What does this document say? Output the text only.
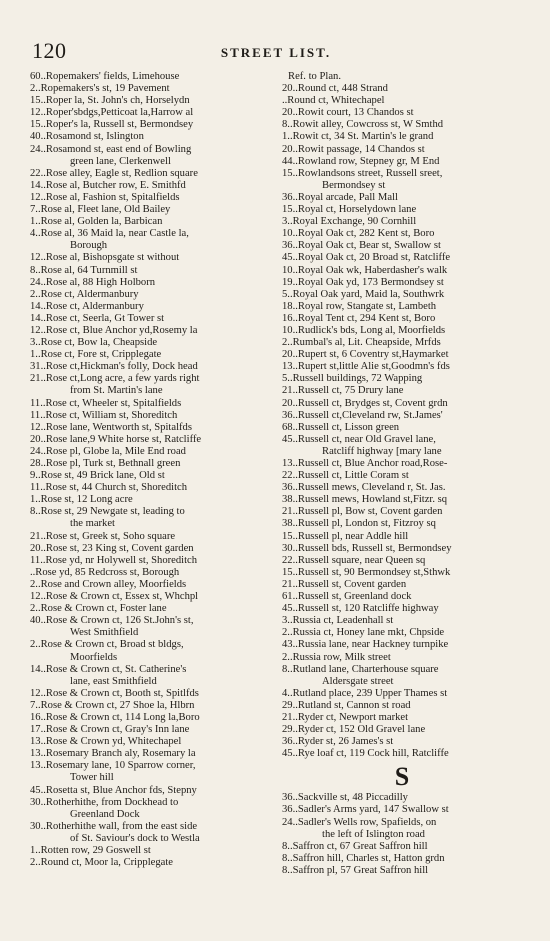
120	STREET LIST.
60..Ropemakers' fields, Limehouse
2..Ropemakers's st, 19 Pavement
15..Roper la, St. John's ch, Horselydn
12..Roper'sbdgs,Petticoat la,Harrow al
15..Roper's la, Russell st, Bermondsey
40..Rosamond st, Islington
24..Rosamond st, east end of Bowling
green lane, Clerkenwell
22..Rose alley, Eagle st, Redlion square
14..Rose al, Butcher row, E. Smithfd
12..Rose al, Fashion st, Spitalfields
7..Rose al, Fleet lane, Old Bailey
1..Rose al, Golden la, Barbican
4..Rose al, 36 Maid la, near Castle la,
Borough
12..Rose al, Bishopsgate st without
8..Rose al, 64 Turnmill st
24..Rose al, 88 High Holborn
2..Rose ct, Aldermanbury
14..Rose ct, Aldermanbury
14..Rose ct, Seerla, Gt Tower st
12..Rose ct, Blue Anchor yd,Rosemy la
3..Rose ct, Bow la, Cheapside
1..Rose ct, Fore st, Cripplegate
31..Rose ct,Hickman's folly, Dock head
21..Rose ct,Long acre, a few yards right
from St. Martin's lane
11..Rose ct, Wheeler st, Spitalfields
11..Rose ct, William st, Shoreditch
12..Rose lane, Wentworth st, Spitalfds
20..Rose lane,9 White horse st, Ratcliffe
24..Rose pl, Globe la, Mile End road
28..Rose pl, Turk st, Bethnall green
9..Rose st, 49 Brick lane, Old st
11..Rose st, 44 Church st, Shoreditch
1..Rose st, 12 Long acre
8..Rose st, 29 Newgate st, leading to
the market
21..Rose st, Greek st, Soho square
20..Rose st, 23 King st, Covent garden
11..Rose yd, nr Holywell st, Shoreditch
..Rose yd, 85 Redcross st, Borough
2..Rose and Crown alley, Moorfields
12..Rose & Crown ct, Essex st, Whchpl
2..Rose & Crown ct, Foster lane
40..Rose & Crown ct, 126 St.John's st,
West Smithfield
2..Rose & Crown ct, Broad st bldgs,
Moorfields
14..Rose & Crown ct, St. Catherine's
lane, east Smithfield
12..Rose & Crown ct, Booth st, Spitlfds
7..Rose & Crown ct, 27 Shoe la, Hlbrn
16..Rose & Crown ct, 114 Long la,Boro
17..Rose & Crown ct, Gray's Inn lane
13..Rose & Crown yd, Whitechapel
13..Rosemary Branch aly, Rosemary la
13..Rosemary lane, 10 Sparrow corner,
Tower hill
45..Rosetta st, Blue Anchor fds, Stepny
30..Rotherhithe, from Dockhead to
Greenland Dock
30..Rotherhithe wall, from the east side
of St. Saviour's dock to Westla
1..Rotten row, 29 Goswell st
2..Round ct, Moor la, Cripplegate
Ref. to Plan.
20..Round ct, 448 Strand
..Round ct, Whitechapel
20..Rowit court, 13 Chandos st
8..Rowit alley, Cowcross st, W Smthd
1..Rowit ct, 34 St. Martin's le grand
20..Rowit passage, 14 Chandos st
44..Rowland row, Stepney gr, M End
15..Rowlandsons street, Russell sreet,
Bermondsey st
36..Royal arcade, Pall Mall
15..Royal ct, Horselydown lane
3..Royal Exchange, 90 Cornhill
10..Royal Oak ct, 282 Kent st, Boro
36..Royal Oak ct, Bear st, Swallow st
45..Royal Oak ct, 20 Broad st, Ratcliffe
10..Royal Oak wk, Haberdasher's walk
19..Royal Oak yd, 173 Bermondsey st
5..Royal Oak yard, Maid la, Southwrk
18..Royal row, Stangate st, Lambeth
16..Royal Tent ct, 294 Kent st, Boro
10..Rudlick's bds, Long al, Moorfields
2..Rumbal's al, Lit. Cheapside, Mrfds
20..Rupert st, 6 Coventry st,Haymarket
13..Rupert st,little Alie st,Goodmn's fds
5..Russell buildings, 72 Wapping
21..Russell ct, 75 Drury lane
20..Russell ct, Brydges st, Covent grdn
36..Russell ct,Cleveland rw, St.James'
68..Russell ct, Lisson green
45..Russell ct, near Old Gravel lane,
Ratcliff highway [mary lane
13..Russell ct, Blue Anchor road,Rose-
22..Russell ct, Little Coram st
36..Russell mews, Cleveland r, St. Jas.
38..Russell mews, Howland st,Fitzr. sq
21..Russell pl, Bow st, Covent garden
38..Russell pl, London st, Fitzroy sq
15..Russell pl, near Addle hill
30..Russell bds, Russell st, Bermondsey
22..Russell square, near Queen sq
15..Russell st, 90 Bermondsey st,Sthwk
21..Russell st, Covent garden
61..Russell st, Greenland dock
45..Russell st, 120 Ratcliffe highway
3..Russia ct, Leadenhall st
2..Russia ct, Honey lane mkt, Chpside
43..Russia lane, near Hackney turnpike
2..Russia row, Milk street
8..Rutland lane, Charterhouse square
Aldersgate street
4..Rutland place, 239 Upper Thames st
29..Rutland st, Cannon st road
21..Ryder ct, Newport market
29..Ryder ct, 152 Old Gravel lane
36..Ryder st, 26 James's st
45..Rye loaf ct, 119 Cock hill, Ratcliffe
S
36..Sackville st, 48 Piccadilly
36..Sadler's Arms yard, 147 Swallow st
24..Sadler's Wells row, Spafields, on
the left of Islington road
8..Saffron ct, 67 Great Saffron hill
8..Saffron hill, Charles st, Hatton grdn
8..Saffron pl, 57 Great Saffron hill
